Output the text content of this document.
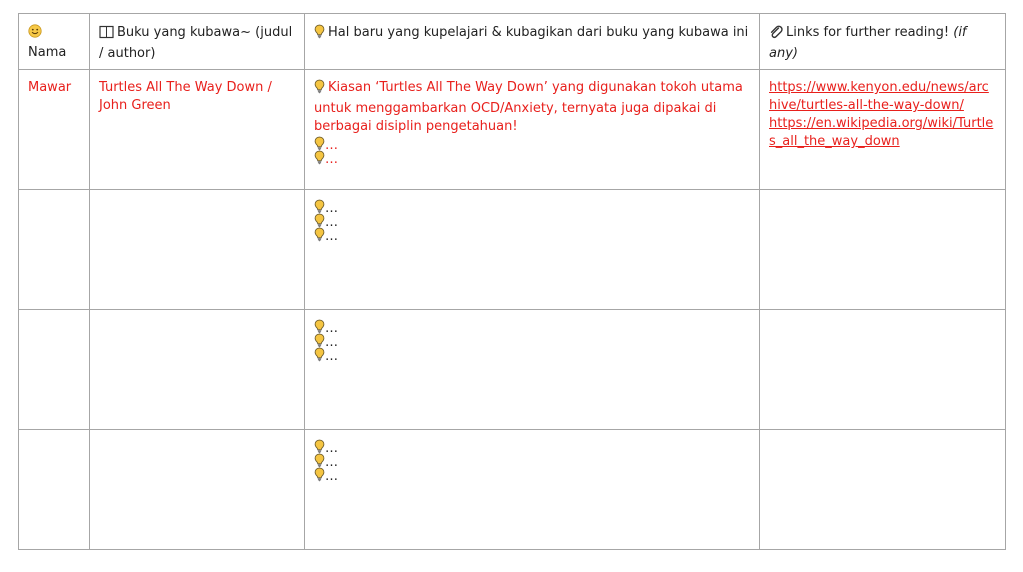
Nama	Buku yang kubawa~ (judul / author)	Hal baru yang kupelajari & kubagikan dari buku yang kubawa ini	Links for further reading! (if any)
Mawar	Turtles All The Way Down / John Green	Kiasan ‘Turtles All The Way Down’ yang digunakan tokoh utama untuk menggambarkan OCD/Anxiety, ternyata juga dipakai di berbagai disiplin pengetahuan!
…
…	https://www.kenyon.edu/news/archive/turtles-all-the-way-down/
https://en.wikipedia.org/wiki/Turtles_all_the_way_down

		…
…
…	

		…
…
…	

		…
…
…	
